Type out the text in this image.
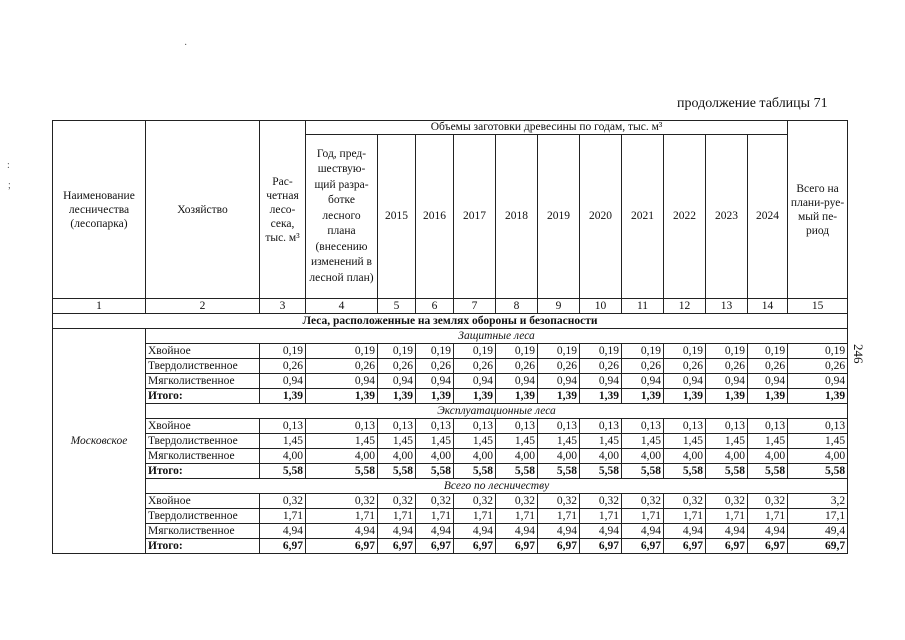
продолжение таблицы 71
246
·
:
;
Наименование лесничества (лесопарка)	Хозяйство	Рас-четная лесо-сека, тыс. м³	Объемы заготовки древесины по годам, тыс. м³											Всего на плани-руе-мый пе-риод
			Год, пред-шествую-щий разра-ботке лесного плана (внесению изменений в лесной план)	2015	2016	2017	2018	2019	2020	2021	2022	2023	2024	
1	2	3	4	5	6	7	8	9	10	11	12	13	14	15
Леса, расположенные на землях обороны и безопасности														
Московское	Защитные леса													
	Хвойное	0,19	0,19	0,19	0,19	0,19	0,19	0,19	0,19	0,19	0,19	0,19	0,19	0,19
	Твердолиственное	0,26	0,26	0,26	0,26	0,26	0,26	0,26	0,26	0,26	0,26	0,26	0,26	0,26
	Мягколиственное	0,94	0,94	0,94	0,94	0,94	0,94	0,94	0,94	0,94	0,94	0,94	0,94	0,94
	Итого:	1,39	1,39	1,39	1,39	1,39	1,39	1,39	1,39	1,39	1,39	1,39	1,39	1,39
	Эксплуатационные леса													
	Хвойное	0,13	0,13	0,13	0,13	0,13	0,13	0,13	0,13	0,13	0,13	0,13	0,13	0,13
	Твердолиственное	1,45	1,45	1,45	1,45	1,45	1,45	1,45	1,45	1,45	1,45	1,45	1,45	1,45
	Мягколиственное	4,00	4,00	4,00	4,00	4,00	4,00	4,00	4,00	4,00	4,00	4,00	4,00	4,00
	Итого:	5,58	5,58	5,58	5,58	5,58	5,58	5,58	5,58	5,58	5,58	5,58	5,58	5,58
	Всего по лесничеству													
	Хвойное	0,32	0,32	0,32	0,32	0,32	0,32	0,32	0,32	0,32	0,32	0,32	0,32	3,2
	Твердолиственное	1,71	1,71	1,71	1,71	1,71	1,71	1,71	1,71	1,71	1,71	1,71	1,71	17,1
	Мягколиственное	4,94	4,94	4,94	4,94	4,94	4,94	4,94	4,94	4,94	4,94	4,94	4,94	49,4
	Итого:	6,97	6,97	6,97	6,97	6,97	6,97	6,97	6,97	6,97	6,97	6,97	6,97	69,7
